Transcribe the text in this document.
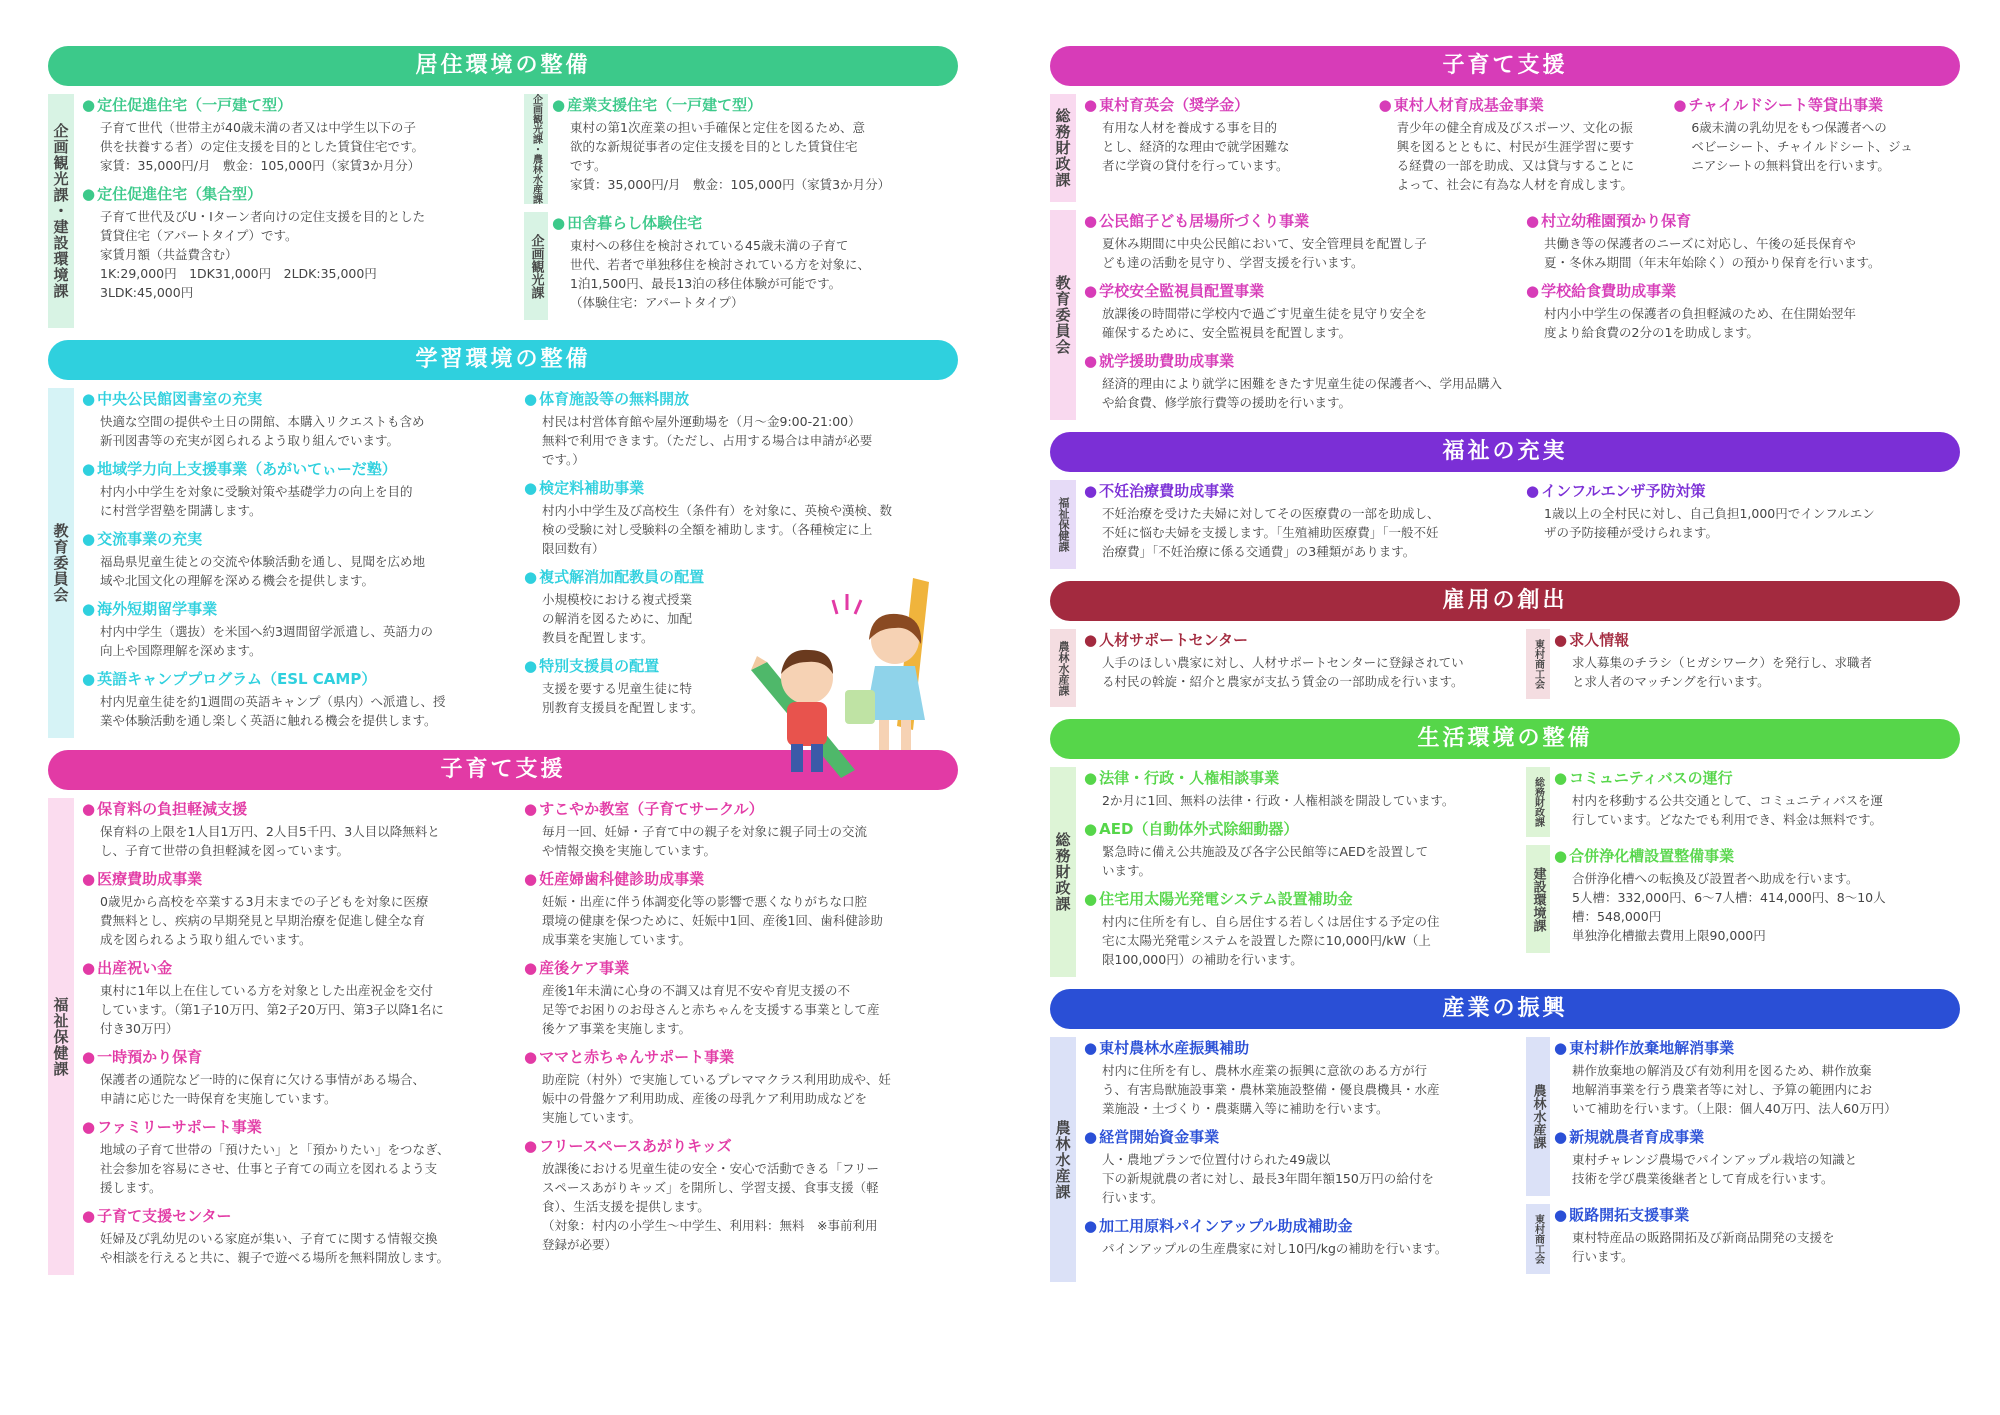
居住環境の整備
企画観光課・建設環境課
● 定住促進住宅（一戸建て型）
子育て世代（世帯主が40歳未満の者又は中学生以下の子
供を扶養する者）の定住支援を目的とした賃貸住宅です。
家賃：35,000円/月　敷金：105,000円（家賃3か月分）
● 定住促進住宅（集合型）
子育て世代及びU・Iターン者向けの定住支援を目的とした
賃貸住宅（アパートタイプ）です。
家賃月額（共益費含む）
1K:29,000円　1DK31,000円　2LDK:35,000円
3LDK:45,000円
企画観光課・農林水産課 ● 産業支援住宅（一戸建て型）
東村の第1次産業の担い手確保と定住を図るため、意
欲的な新規従事者の定住支援を目的とした賃貸住宅
です。
家賃：35,000円/月　敷金：105,000円（家賃3か月分）
企画観光課
● 田舎暮らし体験住宅
東村への移住を検討されている45歳未満の子育て
世代、若者で単独移住を検討されている方を対象に、
1泊1,500円、最長13泊の移住体験が可能です。
（体験住宅：アパートタイプ）
学習環境の整備
教育委員会
● 中央公民館図書室の充実
快適な空間の提供や土日の開館、本購入リクエストも含め
新刊図書等の充実が図られるよう取り組んでいます。
● 地域学力向上支援事業（あがいてぃーだ塾）
村内小中学生を対象に受験対策や基礎学力の向上を目的
に村営学習塾を開講します。
● 交流事業の充実
福島県児童生徒との交流や体験活動を通し、見聞を広め地
域や北国文化の理解を深める機会を提供します。
● 海外短期留学事業
村内中学生（選抜）を米国へ約3週間留学派遣し、英語力の
向上や国際理解を深めます。
● 英語キャンププログラム（ESL CAMP）
村内児童生徒を約1週間の英語キャンプ（県内）へ派遣し、授
業や体験活動を通し楽しく英語に触れる機会を提供します。
● 体育施設等の無料開放
村民は村営体育館や屋外運動場を（月～金9:00-21:00）
無料で利用できます。（ただし、占用する場合は申請が必要
です。）
● 検定料補助事業
村内小中学生及び高校生（条件有）を対象に、英検や漢検、数
検の受験に対し受験料の全額を補助します。（各種検定に上
限回数有）
● 複式解消加配教員の配置
小規模校における複式授業
の解消を図るために、加配
教員を配置します。
● 特別支援員の配置
支援を要する児童生徒に特
別教育支援員を配置します。
子育て支援
福祉保健課
● 保育料の負担軽減支援
保育料の上限を1人目1万円、2人目5千円、3人目以降無料と
し、子育て世帯の負担軽減を図っています。
● 医療費助成事業
0歳児から高校を卒業する3月末までの子どもを対象に医療
費無料とし、疾病の早期発見と早期治療を促進し健全な育
成を図られるよう取り組んでいます。
● 出産祝い金
東村に1年以上在住している方を対象とした出産祝金を交付
しています。（第1子10万円、第2子20万円、第3子以降1名に
付き30万円）
● 一時預かり保育
保護者の通院など一時的に保育に欠ける事情がある場合、
申請に応じた一時保育を実施しています。
● ファミリーサポート事業
地域の子育て世帯の「預けたい」と「預かりたい」をつなぎ、
社会参加を容易にさせ、仕事と子育ての両立を図れるよう支
援します。
● 子育て支援センター
妊婦及び乳幼児のいる家庭が集い、子育てに関する情報交換
や相談を行えると共に、親子で遊べる場所を無料開放します。
● すこやか教室（子育てサークル）
毎月一回、妊婦・子育て中の親子を対象に親子同士の交流
や情報交換を実施しています。
● 妊産婦歯科健診助成事業
妊娠・出産に伴う体調変化等の影響で悪くなりがちな口腔
環境の健康を保つために、妊娠中1回、産後1回、歯科健診助
成事業を実施しています。
● 産後ケア事業
産後1年未満に心身の不調又は育児不安や育児支援の不
足等でお困りのお母さんと赤ちゃんを支援する事業として産
後ケア事業を実施します。
● ママと赤ちゃんサポート事業
助産院（村外）で実施しているプレママクラス利用助成や、妊
娠中の骨盤ケア利用助成、産後の母乳ケア利用助成などを
実施しています。
● フリースペースあがりキッズ
放課後における児童生徒の安全・安心で活動できる「フリー
スペースあがりキッズ」を開所し、学習支援、食事支援（軽
食）、生活支援を提供します。
（対象：村内の小学生～中学生、利用料：無料　※事前利用
登録が必要）
子育て支援
総務財政課
● 東村育英会（奨学金）
有用な人材を養成する事を目的
とし、経済的な理由で就学困難な
者に学資の貸付を行っています。
● 東村人材育成基金事業
青少年の健全育成及びスポーツ、文化の振
興を図るとともに、村民が生涯学習に要す
る経費の一部を助成、又は貸与することに
よって、社会に有為な人材を育成します。
● チャイルドシート等貸出事業
6歳未満の乳幼児をもつ保護者への
ベビーシート、チャイルドシート、ジュ
ニアシートの無料貸出を行います。
教育委員会
● 公民館子ども居場所づくり事業
夏休み期間に中央公民館において、安全管理員を配置し子
ども達の活動を見守り、学習支援を行います。
● 学校安全監視員配置事業
放課後の時間帯に学校内で過ごす児童生徒を見守り安全を
確保するために、安全監視員を配置します。
● 就学援助費助成事業
経済的理由により就学に困難をきたす児童生徒の保護者へ、学用品購入や給食費、修学旅行費等の援助を行います。
● 村立幼稚園預かり保育
共働き等の保護者のニーズに対応し、午後の延長保育や
夏・冬休み期間（年末年始除く）の預かり保育を行います。
● 学校給食費助成事業
村内小中学生の保護者の負担軽減のため、在住開始翌年
度より給食費の2分の1を助成します。
福祉の充実
福祉保健課
● 不妊治療費助成事業
不妊治療を受けた夫婦に対してその医療費の一部を助成し、
不妊に悩む夫婦を支援します。「生殖補助医療費」「一般不妊
治療費」「不妊治療に係る交通費」の3種類があります。
● インフルエンザ予防対策
1歳以上の全村民に対し、自己負担1,000円でインフルエン
ザの予防接種が受けられます。
雇用の創出
農林水産課
● 人材サポートセンター
人手のほしい農家に対し、人材サポートセンターに登録されてい
る村民の斡旋・紹介と農家が支払う賃金の一部助成を行います。	東村商工会 ● 求人情報
求人募集のチラシ（ヒガシワーク）を発行し、求職者
と求人者のマッチングを行います。
生活環境の整備
総務財政課
● 法律・行政・人権相談事業
2か月に1回、無料の法律・行政・人権相談を開設しています。
● AED（自動体外式除細動器）
緊急時に備え公共施設及び各字公民館等にAEDを設置して
います。
● 住宅用太陽光発電システム設置補助金
村内に住所を有し、自ら居住する若しくは居住する予定の住
宅に太陽光発電システムを設置した際に10,000円/kW（上
限100,000円）の補助を行います。
総務財政課 ● コミュニティバスの運行
村内を移動する公共交通として、コミュニティバスを運
行しています。どなたでも利用でき、料金は無料です。
建設環境課
● 合併浄化槽設置整備事業
合併浄化槽への転換及び設置者へ助成を行います。
5人槽：332,000円、6～7人槽：414,000円、8～10人
槽：548,000円
単独浄化槽撤去費用上限90,000円
産業の振興
農林水産課
● 東村農林水産振興補助
村内に住所を有し、農林水産業の振興に意欲のある方が行
う、有害鳥獣施設事業・農林業施設整備・優良農機具・水産
業施設・土づくり・農薬購入等に補助を行います。
● 経営開始資金事業
人・農地プランで位置付けられた49歳以
下の新規就農の者に対し、最長3年間年額150万円の給付を
行います。
● 加工用原料パインアップル助成補助金
パインアップルの生産農家に対し10円/kgの補助を行います。
農林水産課
● 東村耕作放棄地解消事業
耕作放棄地の解消及び有効利用を図るため、耕作放棄
地解消事業を行う農業者等に対し、予算の範囲内にお
いて補助を行います。（上限：個人40万円、法人60万円）
● 新規就農者育成事業
東村チャレンジ農場でパインアップル栽培の知識と
技術を学び農業後継者として育成を行います。
東村商工会 ● 販路開拓支援事業
東村特産品の販路開拓及び新商品開発の支援を
行います。
